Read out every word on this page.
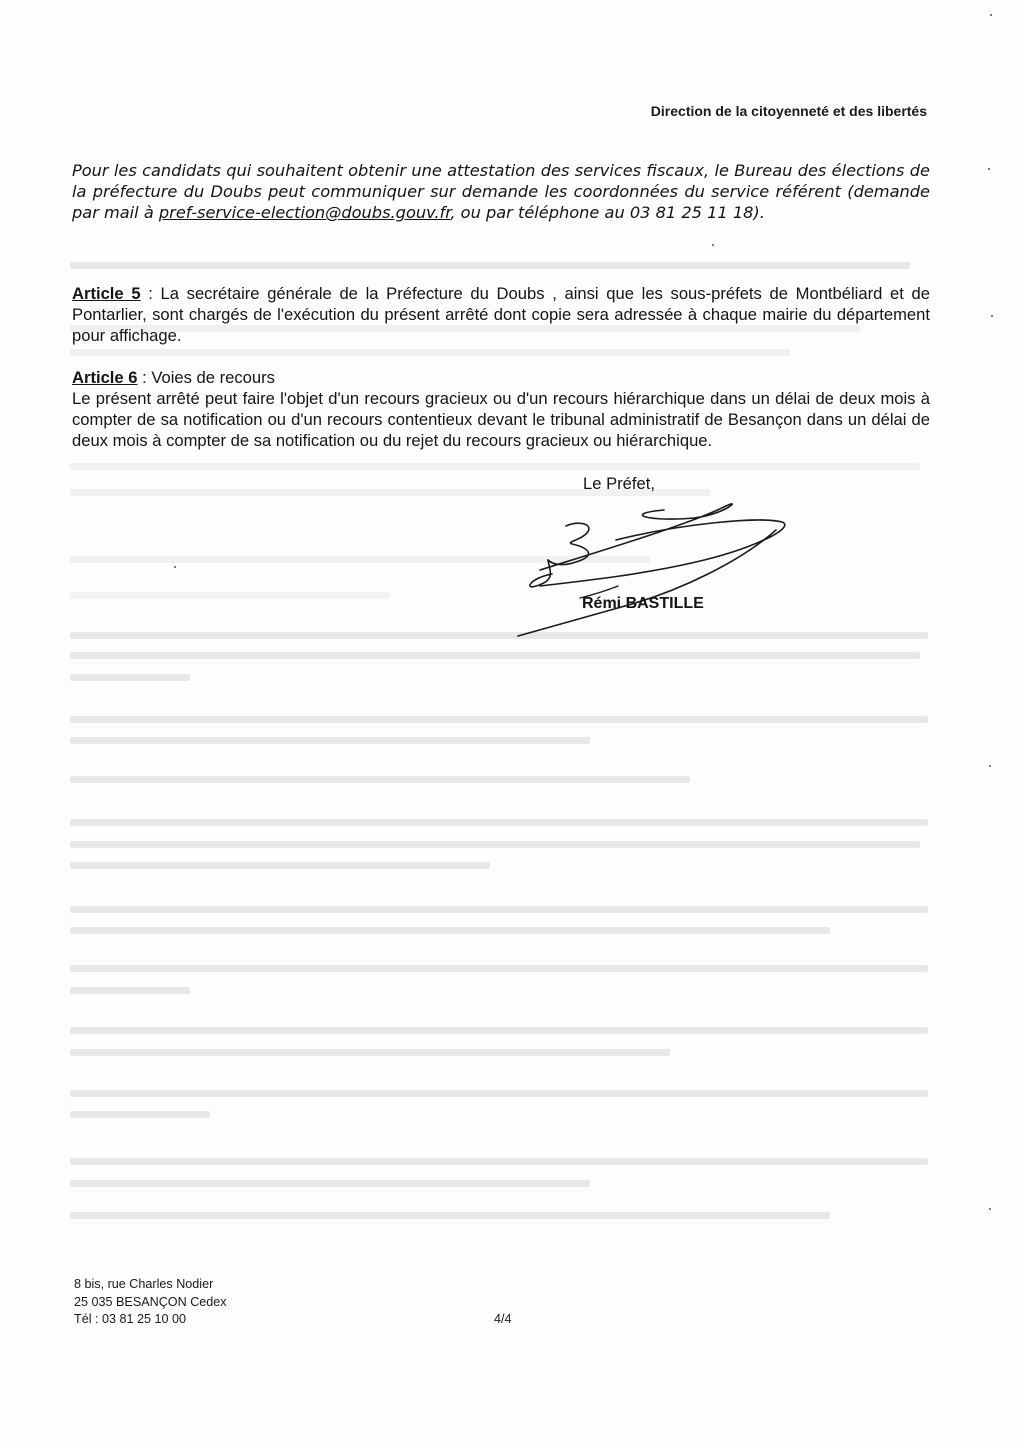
Direction de la citoyenneté et des libertés
Pour les candidats qui souhaitent obtenir une attestation des services fiscaux, le Bureau des élections de la préfecture du Doubs peut communiquer sur demande les coordonnées du service référent (demande par mail à pref-service-election@doubs.gouv.fr, ou par téléphone au 03 81 25 11 18).
Article 5 : La secrétaire générale de la Préfecture du Doubs , ainsi que les sous-préfets de Montbéliard et de Pontarlier, sont chargés de l'exécution du présent arrêté dont copie sera adressée à chaque mairie du département pour affichage.
Article 6 : Voies de recours
Le présent arrêté peut faire l'objet d'un recours gracieux ou d'un recours hiérarchique dans un délai de deux mois à compter de sa notification ou d'un recours contentieux devant le tribunal administratif de Besançon dans un délai de deux mois à compter de sa notification ou du rejet du recours gracieux ou hiérarchique.
Le Préfet,
Rémi BASTILLE
8 bis, rue Charles Nodier
25 035 BESANÇON Cedex
Tél : 03 81 25 10 00	4/4
